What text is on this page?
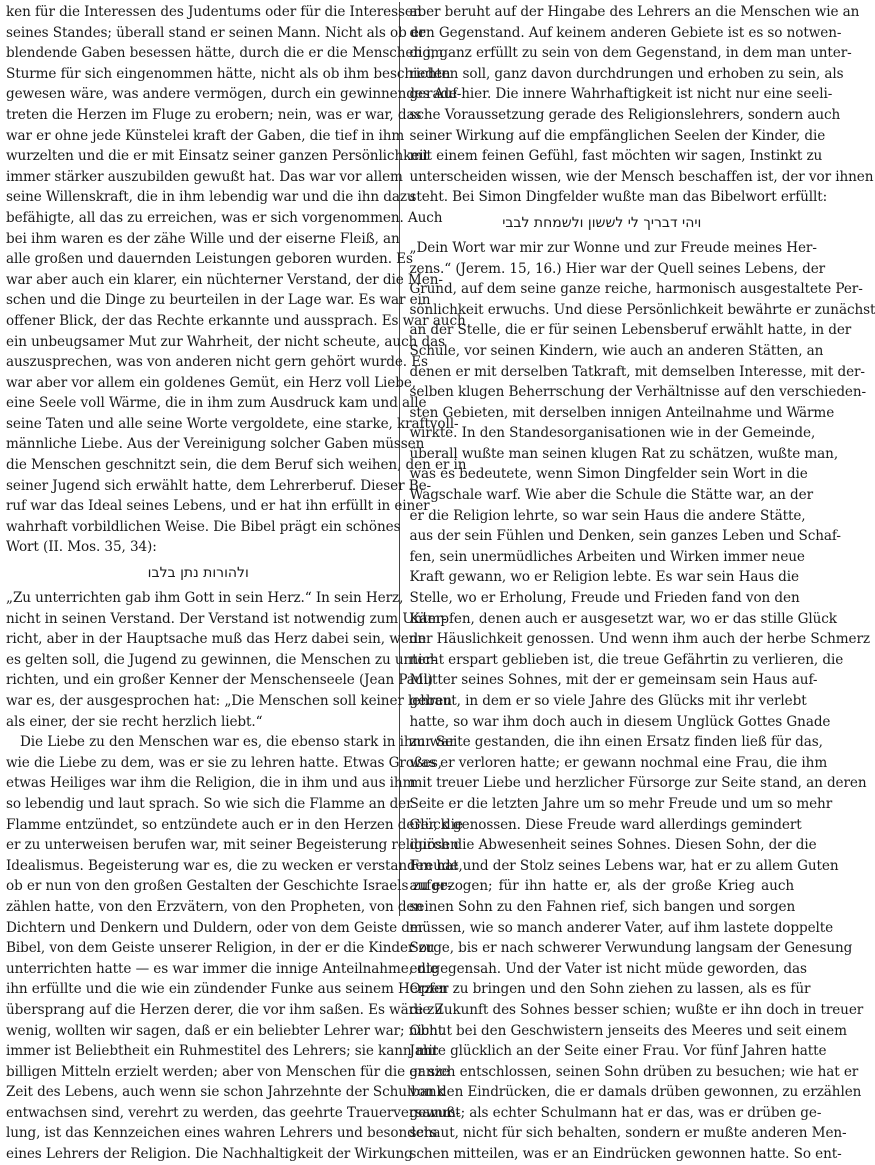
ken für die Interessen des Judentums oder für die Interessen
seines Standes; überall stand er seinen Mann. Nicht als ob er
blendende Gaben besessen hätte, durch die er die Menschen im
Sturme für sich eingenommen hätte, nicht als ob ihm beschieden
gewesen wäre, was andere vermögen, durch ein gewinnendes Auf-
treten die Herzen im Fluge zu erobern; nein, was er war, das
war er ohne jede Künstelei kraft der Gaben, die tief in ihm
wurzelten und die er mit Einsatz seiner ganzen Persönlichkeit
immer stärker auszubilden gewußt hat. Das war vor allem
seine Willenskraft, die in ihm lebendig war und die ihn dazu
befähigte, all das zu erreichen, was er sich vorgenommen. Auch
bei ihm waren es der zähe Wille und der eiserne Fleiß, an
alle großen und dauernden Leistungen geboren wurden. Es
war aber auch ein klarer, ein nüchterner Verstand, der die Men-
schen und die Dinge zu beurteilen in der Lage war. Es war ein
offener Blick, der das Rechte erkannte und aussprach. Es war auch
ein unbeugsamer Mut zur Wahrheit, der nicht scheute, auch das
auszusprechen, was von anderen nicht gern gehört wurde. Es
war aber vor allem ein goldenes Gemüt, ein Herz voll Liebe,
eine Seele voll Wärme, die in ihm zum Ausdruck kam und alle
seine Taten und alle seine Worte vergoldete, eine starke, kraftvoll-
männliche Liebe. Aus der Vereinigung solcher Gaben müssen
die Menschen geschnitzt sein, die dem Beruf sich weihen, den er in
seiner Jugend sich erwählt hatte, dem Lehrerberuf. Dieser Be-
ruf war das Ideal seines Lebens, und er hat ihn erfüllt in einer
wahrhaft vorbildlichen Weise. Die Bibel prägt ein schönes
Wort (II. Mos. 35, 34):
ולהורות נתן בלבו
„Zu unterrichten gab ihm Gott in sein Herz.“ In sein Herz,
nicht in seinen Verstand. Der Verstand ist notwendig zum Unter-
richt, aber in der Hauptsache muß das Herz dabei sein, wenn
es gelten soll, die Jugend zu gewinnen, die Menschen zu unter-
richten, und ein großer Kenner der Menschenseele (Jean Paul)
war es, der ausgesprochen hat: „Die Menschen soll keiner lehren
als einer, der sie recht herzlich liebt.“
Die Liebe zu den Menschen war es, die ebenso stark in ihm war
wie die Liebe zu dem, was er sie zu lehren hatte. Etwas Großes,
etwas Heiliges war ihm die Religion, die in ihm und aus ihm
so lebendig und laut sprach. So wie sich die Flamme an der
Flamme entzündet, so entzündete auch er in den Herzen derer, die
er zu unterweisen berufen war, mit seiner Begeisterung religiösen
Idealismus. Begeisterung war es, die zu wecken er verstanden hat,
ob er nun von den großen Gestalten der Geschichte Israels zu er-
zählen hatte, von den Erzvätern, von den Propheten, von den
Dichtern und Denkern und Duldern, oder von dem Geiste der
Bibel, von dem Geiste unserer Religion, in der er die Kinder zu
unterrichten hatte — es war immer die innige Anteilnahme, die
ihn erfüllte und die wie ein zündender Funke aus seinem Herzen
übersprang auf die Herzen derer, die vor ihm saßen. Es wäre zu
wenig, wollten wir sagen, daß er ein beliebter Lehrer war; nicht
immer ist Beliebtheit ein Ruhmestitel des Lehrers; sie kann mit
billigen Mitteln erzielt werden; aber von Menschen für die ganze
Zeit des Lebens, auch wenn sie schon Jahrzehnte der Schulbank
entwachsen sind, verehrt zu werden, das geehrte Trauerversamm-
lung, ist das Kennzeichen eines wahren Lehrers und besonders
eines Lehrers der Religion. Die Nachhaltigkeit der Wirkung
aber beruht auf der Hingabe des Lehrers an die Menschen wie an
den Gegenstand. Auf keinem anderen Gebiete ist es so notwen-
dig, ganz erfüllt zu sein von dem Gegenstand, in dem man unter-
richten soll, ganz davon durchdrungen und erhoben zu sein, als
gerade hier. Die innere Wahrhaftigkeit ist nicht nur eine seeli-
sche Voraussetzung gerade des Religionslehrers, sondern auch
seiner Wirkung auf die empfänglichen Seelen der Kinder, die
mit einem feinen Gefühl, fast möchten wir sagen, Instinkt zu
unterscheiden wissen, wie der Mensch beschaffen ist, der vor ihnen
steht. Bei Simon Dingfelder wußte man das Bibelwort erfüllt:
ויהי דבריך לי לששון ולשמחת לבבי
„Dein Wort war mir zur Wonne und zur Freude meines Her-
zens.“ (Jerem. 15, 16.) Hier war der Quell seines Lebens, der
Grund, auf dem seine ganze reiche, harmonisch ausgestaltete Per-
sönlichkeit erwuchs. Und diese Persönlichkeit bewährte er zunächst
an der Stelle, die er für seinen Lebensberuf erwählt hatte, in der
Schule, vor seinen Kindern, wie auch an anderen Stätten, an
denen er mit derselben Tatkraft, mit demselben Interesse, mit der-
selben klugen Beherrschung der Verhältnisse auf den verschieden-
sten Gebieten, mit derselben innigen Anteilnahme und Wärme
wirkte. In den Standesorganisationen wie in der Gemeinde,
überall wußte man seinen klugen Rat zu schätzen, wußte man,
was es bedeutete, wenn Simon Dingfelder sein Wort in die
Wagschale warf. Wie aber die Schule die Stätte war, an der
er die Religion lehrte, so war sein Haus die andere Stätte,
aus der sein Fühlen und Denken, sein ganzes Leben und Schaf-
fen, sein unermüdliches Arbeiten und Wirken immer neue
Kraft gewann, wo er Religion lebte. Es war sein Haus die
Stelle, wo er Erholung, Freude und Frieden fand von den
Kämpfen, denen auch er ausgesetzt war, wo er das stille Glück
der Häuslichkeit genossen. Und wenn ihm auch der herbe Schmerz
nicht erspart geblieben ist, die treue Gefährtin zu verlieren, die
Mutter seines Sohnes, mit der er gemeinsam sein Haus auf-
gebaut, in dem er so viele Jahre des Glücks mit ihr verlebt
hatte, so war ihm doch auch in diesem Unglück Gottes Gnade
zur Seite gestanden, die ihn einen Ersatz finden ließ für das,
was er verloren hatte; er gewann nochmal eine Frau, die ihm
mit treuer Liebe und herzlicher Fürsorge zur Seite stand, an deren
Seite er die letzten Jahre um so mehr Freude und um so mehr
Glück genossen. Diese Freude ward allerdings gemindert
durch die Abwesenheit seines Sohnes. Diesen Sohn, der die
Freude und der Stolz seines Lebens war, hat er zu allem Guten
aufgezogen; für ihn hatte er, als der große Krieg auch
seinen Sohn zu den Fahnen rief, sich bangen und sorgen
müssen, wie so manch anderer Vater, auf ihm lastete doppelte
Sorge, bis er nach schwerer Verwundung langsam der Genesung
entgegensah. Und der Vater ist nicht müde geworden, das
Opfer zu bringen und den Sohn ziehen zu lassen, als es für
die Zukunft des Sohnes besser schien; wußte er ihn doch in treuer
Obhut bei den Geschwistern jenseits des Meeres und seit einem
Jahre glücklich an der Seite einer Frau. Vor fünf Jahren hatte
er sich entschlossen, seinen Sohn drüben zu besuchen; wie hat er
von den Eindrücken, die er damals drüben gewonnen, zu erzählen
gewußt; als echter Schulmann hat er das, was er drüben ge-
schaut, nicht für sich behalten, sondern er mußte anderen Men-
schen mitteilen, was er an Eindrücken gewonnen hatte. So ent-
